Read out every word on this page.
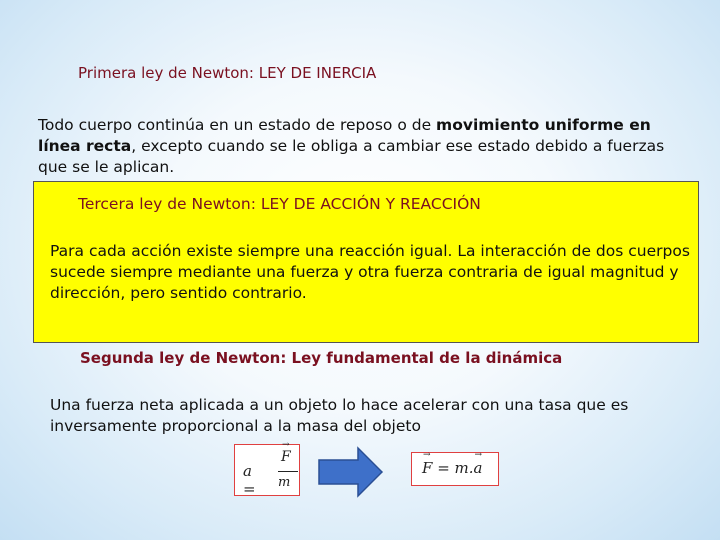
Primera ley de Newton: LEY DE INERCIA
Todo cuerpo continúa en un estado de reposo o de movimiento uniforme en línea recta, excepto cuando se le obliga a cambiar ese estado debido a fuerzas que se le aplican.
Tercera ley de Newton: LEY DE ACCIÓN Y REACCIÓN
Para cada acción existe siempre una reacción igual. La interacción de dos cuerpos sucede siempre mediante una fuerza y otra fuerza contraria de igual magnitud y dirección, pero sentido contrario.
Segunda ley de Newton: Ley fundamental de la dinámica
Una fuerza neta aplicada a un objeto lo hace acelerar con una tasa que es inversamente proporcional a la masa del objeto
a =
→ F
m
→ F = m.→ a
